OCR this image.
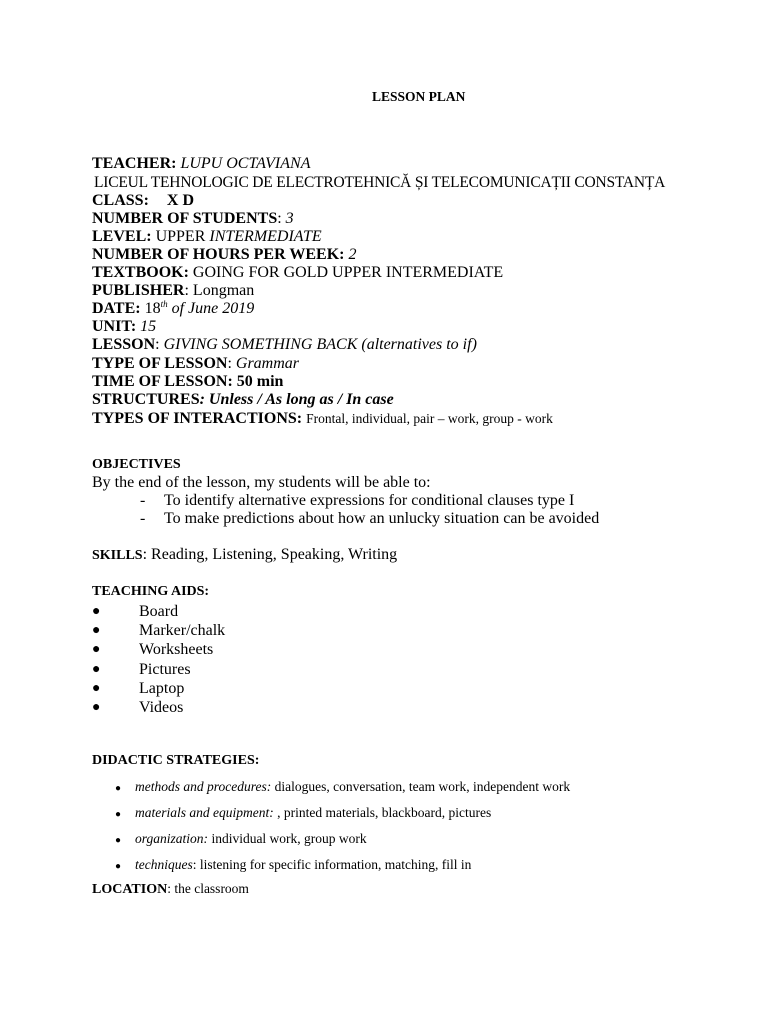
LESSON PLAN
TEACHER: LUPU OCTAVIANA
LICEUL TEHNOLOGIC DE ELECTROTEHNICĂ ȘI TELECOMUNICAȚII CONSTANȚA
CLASS: X D
NUMBER OF STUDENTS: 3
LEVEL: UPPER INTERMEDIATE
NUMBER OF HOURS PER WEEK: 2
TEXTBOOK: GOING FOR GOLD UPPER INTERMEDIATE
PUBLISHER: Longman
DATE: 18th of June 2019
UNIT: 15
LESSON: GIVING SOMETHING BACK (alternatives to if)
TYPE OF LESSON: Grammar
TIME OF LESSON: 50 min
STRUCTURES: Unless / As long as / In case
TYPES OF INTERACTIONS: Frontal, individual, pair – work, group - work
OBJECTIVES
By the end of the lesson, my students will be able to:
- To identify alternative expressions for conditional clauses type I
- To make predictions about how an unlucky situation can be avoided
SKILLS: Reading, Listening, Speaking, Writing
TEACHING AIDS:
● Board
● Marker/chalk
● Worksheets
● Pictures
● Laptop
● Videos
DIDACTIC STRATEGIES:
● methods and procedures: dialogues, conversation, team work, independent work
● materials and equipment: , printed materials, blackboard, pictures
● organization: individual work, group work
● techniques: listening for specific information, matching, fill in
LOCATION: the classroom
